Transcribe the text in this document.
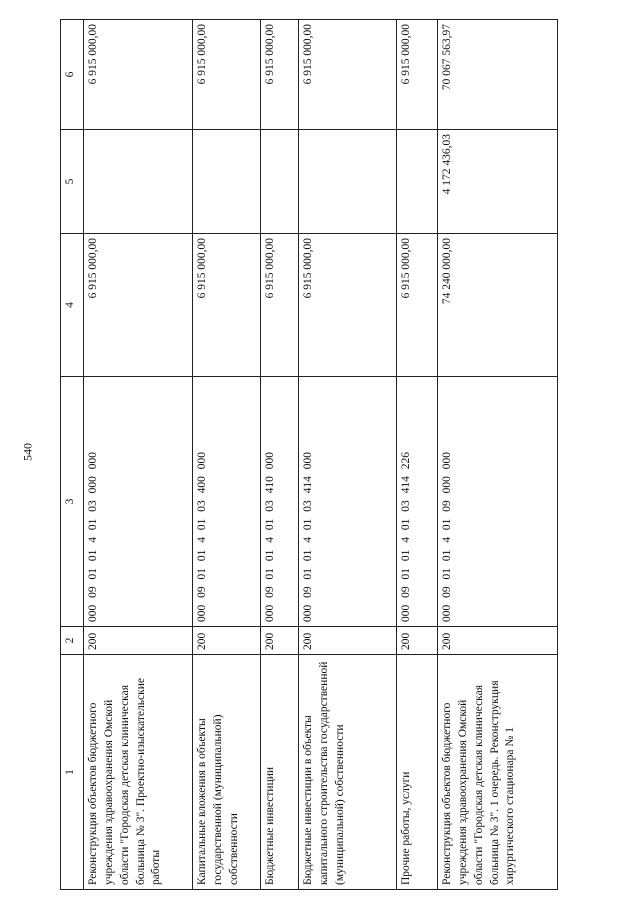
540
1	2	3	4	5	6
Реконструкция объектов бюджетного учреждения здравоохранения Омской области "Городская детская клиническая больница № 3". Проектно-изыскательские работы	200	000 09 01 01 4 01 03 000 000	6 915 000,00		6 915 000,00
Капитальные вложения в объекты государственной (муниципальной) собственности	200	000 09 01 01 4 01 03 400 000	6 915 000,00		6 915 000,00
Бюджетные инвестиции	200	000 09 01 01 4 01 03 410 000	6 915 000,00		6 915 000,00
Бюджетные инвестиции в объекты капитального строительства государственной (муниципальной) собственности	200	000 09 01 01 4 01 03 414 000	6 915 000,00		6 915 000,00
Прочие работы, услуги	200	000 09 01 01 4 01 03 414 226	6 915 000,00		6 915 000,00
Реконструкция объектов бюджетного учреждения здравоохранения Омской области "Городская детская клиническая больница № 3". 1 очередь. Реконструкция хирургического стационара № 1	200	000 09 01 01 4 01 09 000 000	74 240 000,00	4 172 436,03	70 067 563,97
